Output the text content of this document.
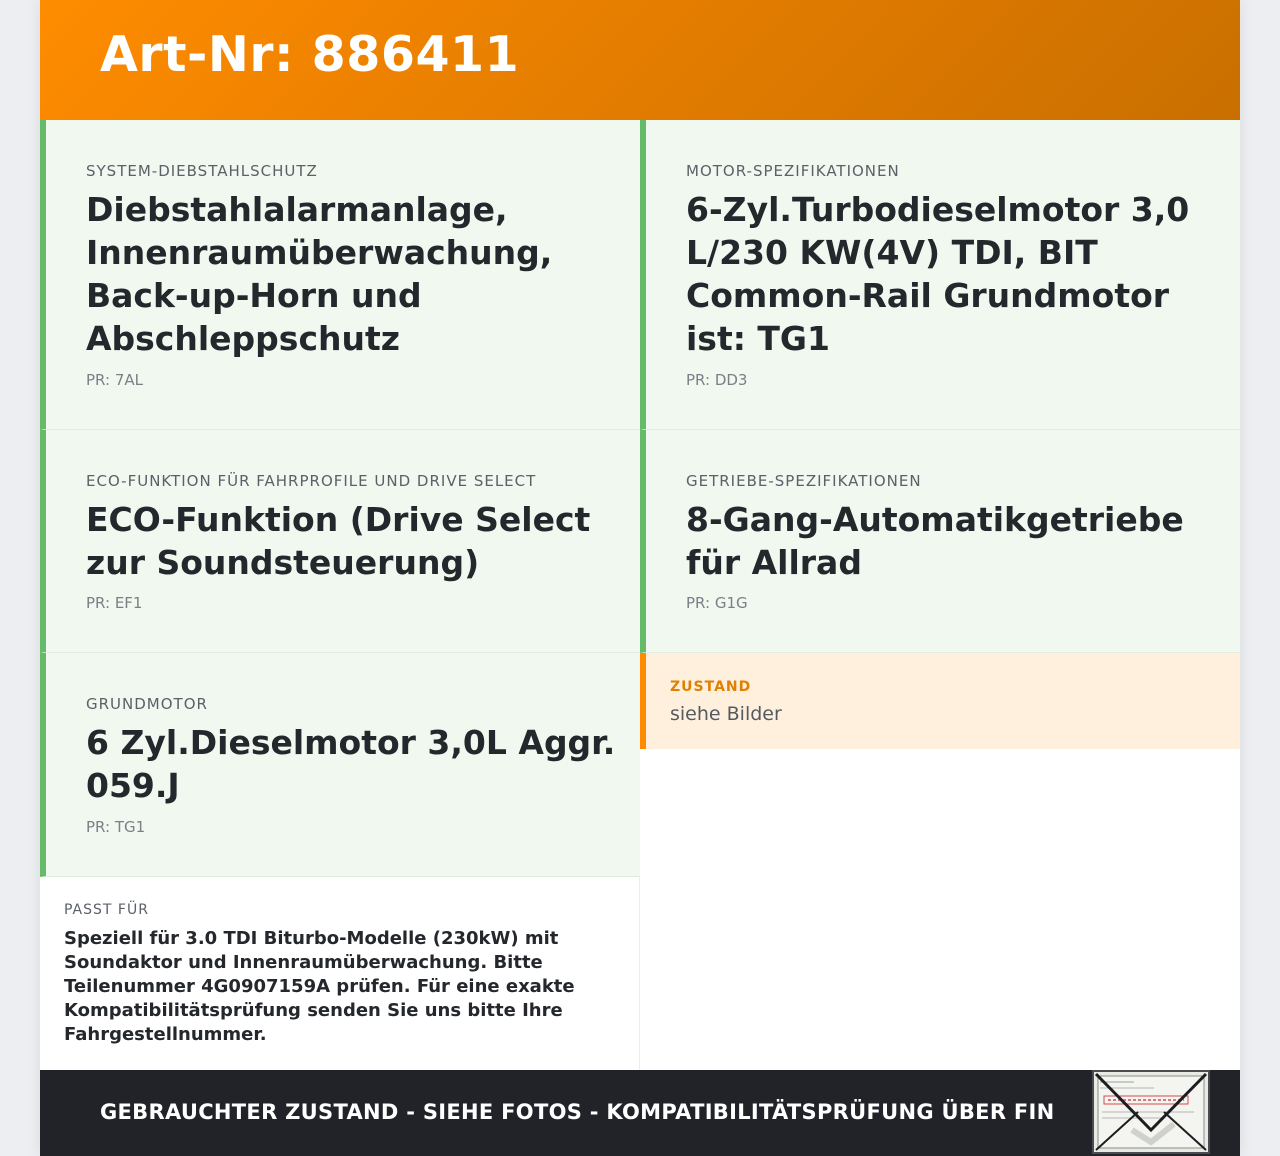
Art-Nr: 886411
SYSTEM-DIEBSTAHLSCHUTZ
Diebstahlalarmanlage, Innenraumüberwachung, Back-up-Horn und Abschleppschutz
PR: 7AL
MOTOR-SPEZIFIKATIONEN
6-Zyl.Turbodieselmotor 3,0 L/230 KW(4V) TDI, BIT Common-Rail Grundmotor ist: TG1
PR: DD3
ECO-FUNKTION FÜR FAHRPROFILE UND DRIVE SELECT
ECO-Funktion (Drive Select zur Soundsteuerung)
PR: EF1
GETRIEBE-SPEZIFIKATIONEN
8-Gang-Automatikgetriebe für Allrad
PR: G1G
GRUNDMOTOR
6 Zyl.Dieselmotor 3,0L Aggr. 059.J
PR: TG1
ZUSTAND
siehe Bilder
PASST FÜR
Speziell für 3.0 TDI Biturbo-Modelle (230kW) mit Soundaktor und Innenraumüberwachung. Bitte Teilenummer 4G0907159A prüfen. Für eine exakte Kompatibilitätsprüfung senden Sie uns bitte Ihre Fahrgestellnummer.
GEBRAUCHTER ZUSTAND - SIEHE FOTOS - KOMPATIBILITÄTSPRÜFUNG ÜBER FIN
